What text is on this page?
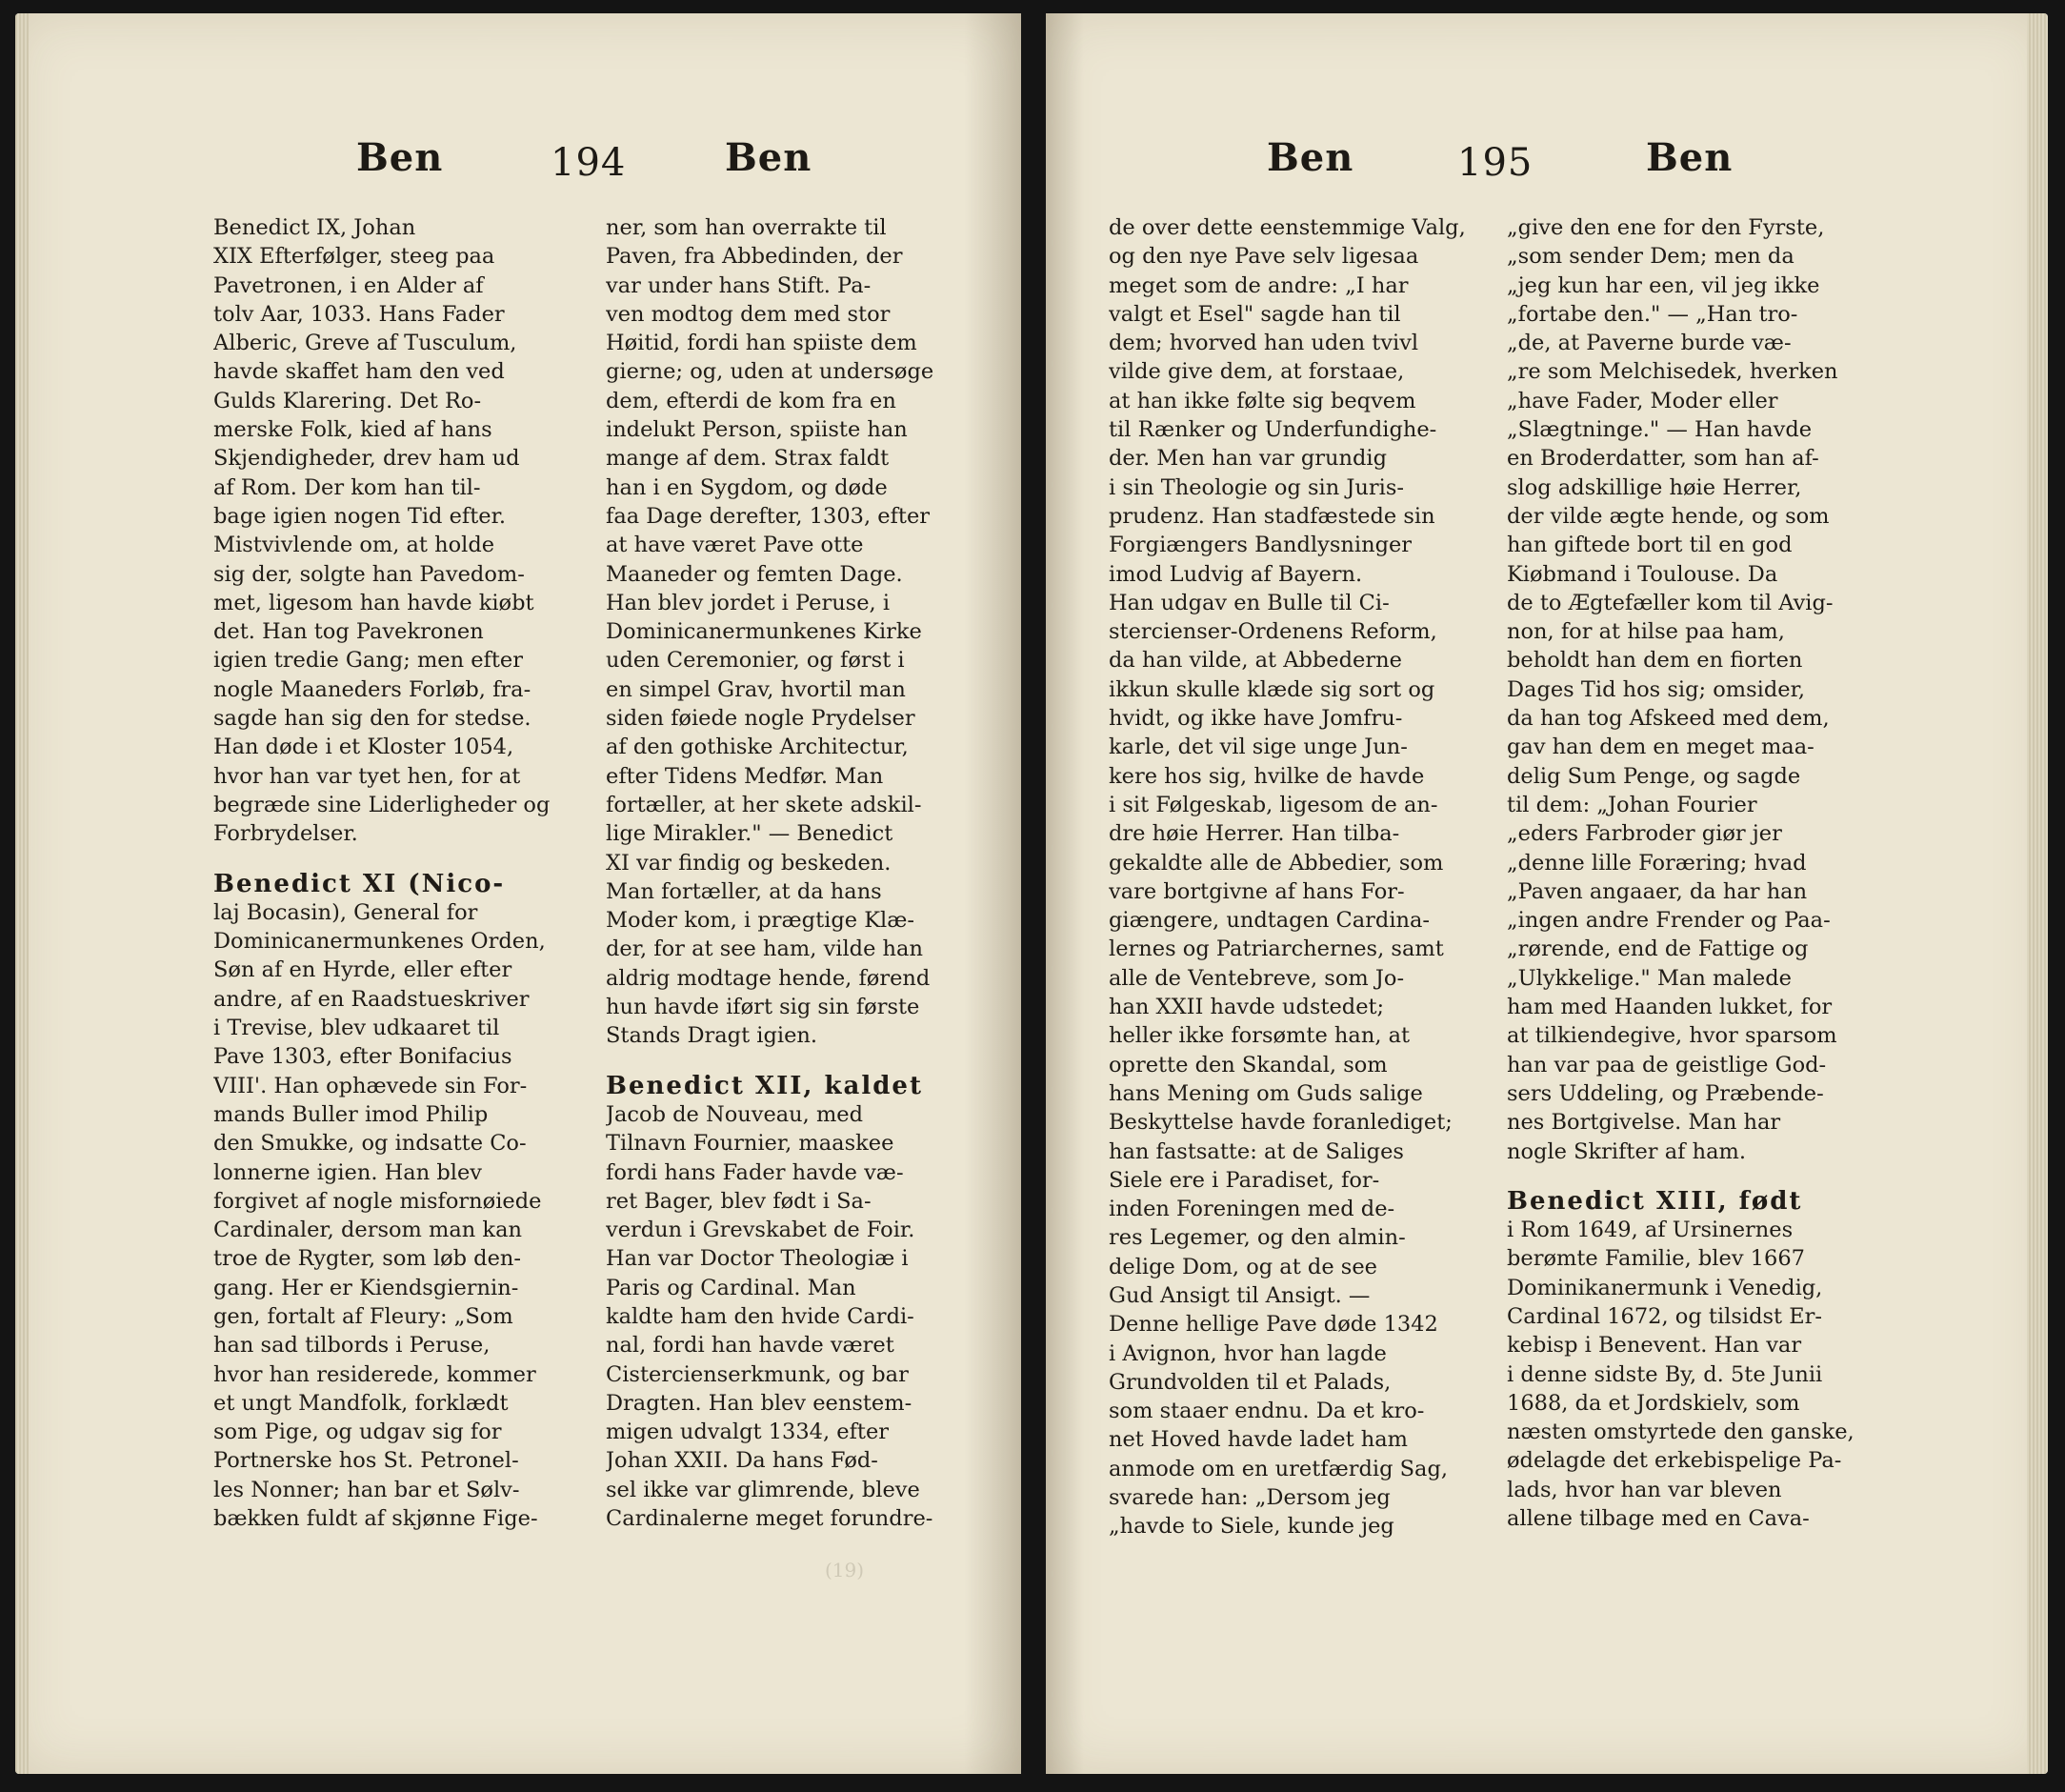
Ben	194	Ben
Benedict IX, Johan
XIX Efterfølger, steeg paa
Pavetronen, i en Alder af
tolv Aar, 1033. Hans Fader
Alberic, Greve af Tusculum,
havde skaffet ham den ved
Gulds Klarering. Det Ro-
merske Folk, kied af hans
Skjendigheder, drev ham ud
af Rom. Der kom han til-
bage igien nogen Tid efter.
Mistvivlende om, at holde
sig der, solgte han Pavedom-
met, ligesom han havde kiøbt
det. Han tog Pavekronen
igien tredie Gang; men efter
nogle Maaneders Forløb, fra-
sagde han sig den for stedse.
Han døde i et Kloster 1054,
hvor han var tyet hen, for at
begræde sine Liderligheder og
Forbrydelser.
Benedict XI (Nico-
laj Bocasin), General for
Dominicanermunkenes Orden,
Søn af en Hyrde, eller efter
andre, af en Raadstueskriver
i Trevise, blev udkaaret til
Pave 1303, efter Bonifacius
VIII'. Han ophævede sin For-
mands Buller imod Philip
den Smukke, og indsatte Co-
lonnerne igien. Han blev
forgivet af nogle misfornøiede
Cardinaler, dersom man kan
troe de Rygter, som løb den-
gang. Her er Kiendsgiernin-
gen, fortalt af Fleury: „Som
han sad tilbords i Peruse,
hvor han residerede, kommer
et ungt Mandfolk, forklædt
som Pige, og udgav sig for
Portnerske hos St. Petronel-
les Nonner; han bar et Sølv-
bækken fuldt af skjønne Fige-
ner, som han overrakte til
Paven, fra Abbedinden, der
var under hans Stift. Pa-
ven modtog dem med stor
Høitid, fordi han spiiste dem
gierne; og, uden at undersøge
dem, efterdi de kom fra en
indelukt Person, spiiste han
mange af dem. Strax faldt
han i en Sygdom, og døde
faa Dage derefter, 1303, efter
at have været Pave otte
Maaneder og femten Dage.
Han blev jordet i Peruse, i
Dominicanermunkenes Kirke
uden Ceremonier, og først i
en simpel Grav, hvortil man
siden føiede nogle Prydelser
af den gothiske Architectur,
efter Tidens Medfør. Man
fortæller, at her skete adskil-
lige Mirakler." — Benedict
XI var findig og beskeden.
Man fortæller, at da hans
Moder kom, i prægtige Klæ-
der, for at see ham, vilde han
aldrig modtage hende, førend
hun havde iført sig sin første
Stands Dragt igien.
Benedict XII, kaldet
Jacob de Nouveau, med
Tilnavn Fournier, maaskee
fordi hans Fader havde væ-
ret Bager, blev født i Sa-
verdun i Grevskabet de Foir.
Han var Doctor Theologiæ i
Paris og Cardinal. Man
kaldte ham den hvide Cardi-
nal, fordi han havde været
Cistercienserkmunk, og bar
Dragten. Han blev eenstem-
migen udvalgt 1334, efter
Johan XXII. Da hans Fød-
sel ikke var glimrende, bleve
Cardinalerne meget forundre-
(19)
Ben	195	Ben
de over dette eenstemmige Valg,
og den nye Pave selv ligesaa
meget som de andre: „I har
valgt et Esel" sagde han til
dem; hvorved han uden tvivl
vilde give dem, at forstaae,
at han ikke følte sig beqvem
til Rænker og Underfundighe-
der. Men han var grundig
i sin Theologie og sin Juris-
prudenz. Han stadfæstede sin
Forgiængers Bandlysninger
imod Ludvig af Bayern.
Han udgav en Bulle til Ci-
stercienser-Ordenens Reform,
da han vilde, at Abbederne
ikkun skulle klæde sig sort og
hvidt, og ikke have Jomfru-
karle, det vil sige unge Jun-
kere hos sig, hvilke de havde
i sit Følgeskab, ligesom de an-
dre høie Herrer. Han tilba-
gekaldte alle de Abbedier, som
vare bortgivne af hans For-
giængere, undtagen Cardina-
lernes og Patriarchernes, samt
alle de Ventebreve, som Jo-
han XXII havde udstedet;
heller ikke forsømte han, at
oprette den Skandal, som
hans Mening om Guds salige
Beskyttelse havde foranlediget;
han fastsatte: at de Saliges
Siele ere i Paradiset, for-
inden Foreningen med de-
res Legemer, og den almin-
delige Dom, og at de see
Gud Ansigt til Ansigt. —
Denne hellige Pave døde 1342
i Avignon, hvor han lagde
Grundvolden til et Palads,
som staaer endnu. Da et kro-
net Hoved havde ladet ham
anmode om en uretfærdig Sag,
svarede han: „Dersom jeg
„havde to Siele, kunde jeg
„give den ene for den Fyrste,
„som sender Dem; men da
„jeg kun har een, vil jeg ikke
„fortabe den." — „Han tro-
„de, at Paverne burde væ-
„re som Melchisedek, hverken
„have Fader, Moder eller
„Slægtninge." — Han havde
en Broderdatter, som han af-
slog adskillige høie Herrer,
der vilde ægte hende, og som
han giftede bort til en god
Kiøbmand i Toulouse. Da
de to Ægtefæller kom til Avig-
non, for at hilse paa ham,
beholdt han dem en fiorten
Dages Tid hos sig; omsider,
da han tog Afskeed med dem,
gav han dem en meget maa-
delig Sum Penge, og sagde
til dem: „Johan Fourier
„eders Farbroder giør jer
„denne lille Foræring; hvad
„Paven angaaer, da har han
„ingen andre Frender og Paa-
„rørende, end de Fattige og
„Ulykkelige." Man malede
ham med Haanden lukket, for
at tilkiendegive, hvor sparsom
han var paa de geistlige God-
sers Uddeling, og Præbende-
nes Bortgivelse. Man har
nogle Skrifter af ham.
Benedict XIII, født
i Rom 1649, af Ursinernes
berømte Familie, blev 1667
Dominikanermunk i Venedig,
Cardinal 1672, og tilsidst Er-
kebisp i Benevent. Han var
i denne sidste By, d. 5te Junii
1688, da et Jordskielv, som
næsten omstyrtede den ganske,
ødelagde det erkebispelige Pa-
lads, hvor han var bleven
allene tilbage med en Cava-
